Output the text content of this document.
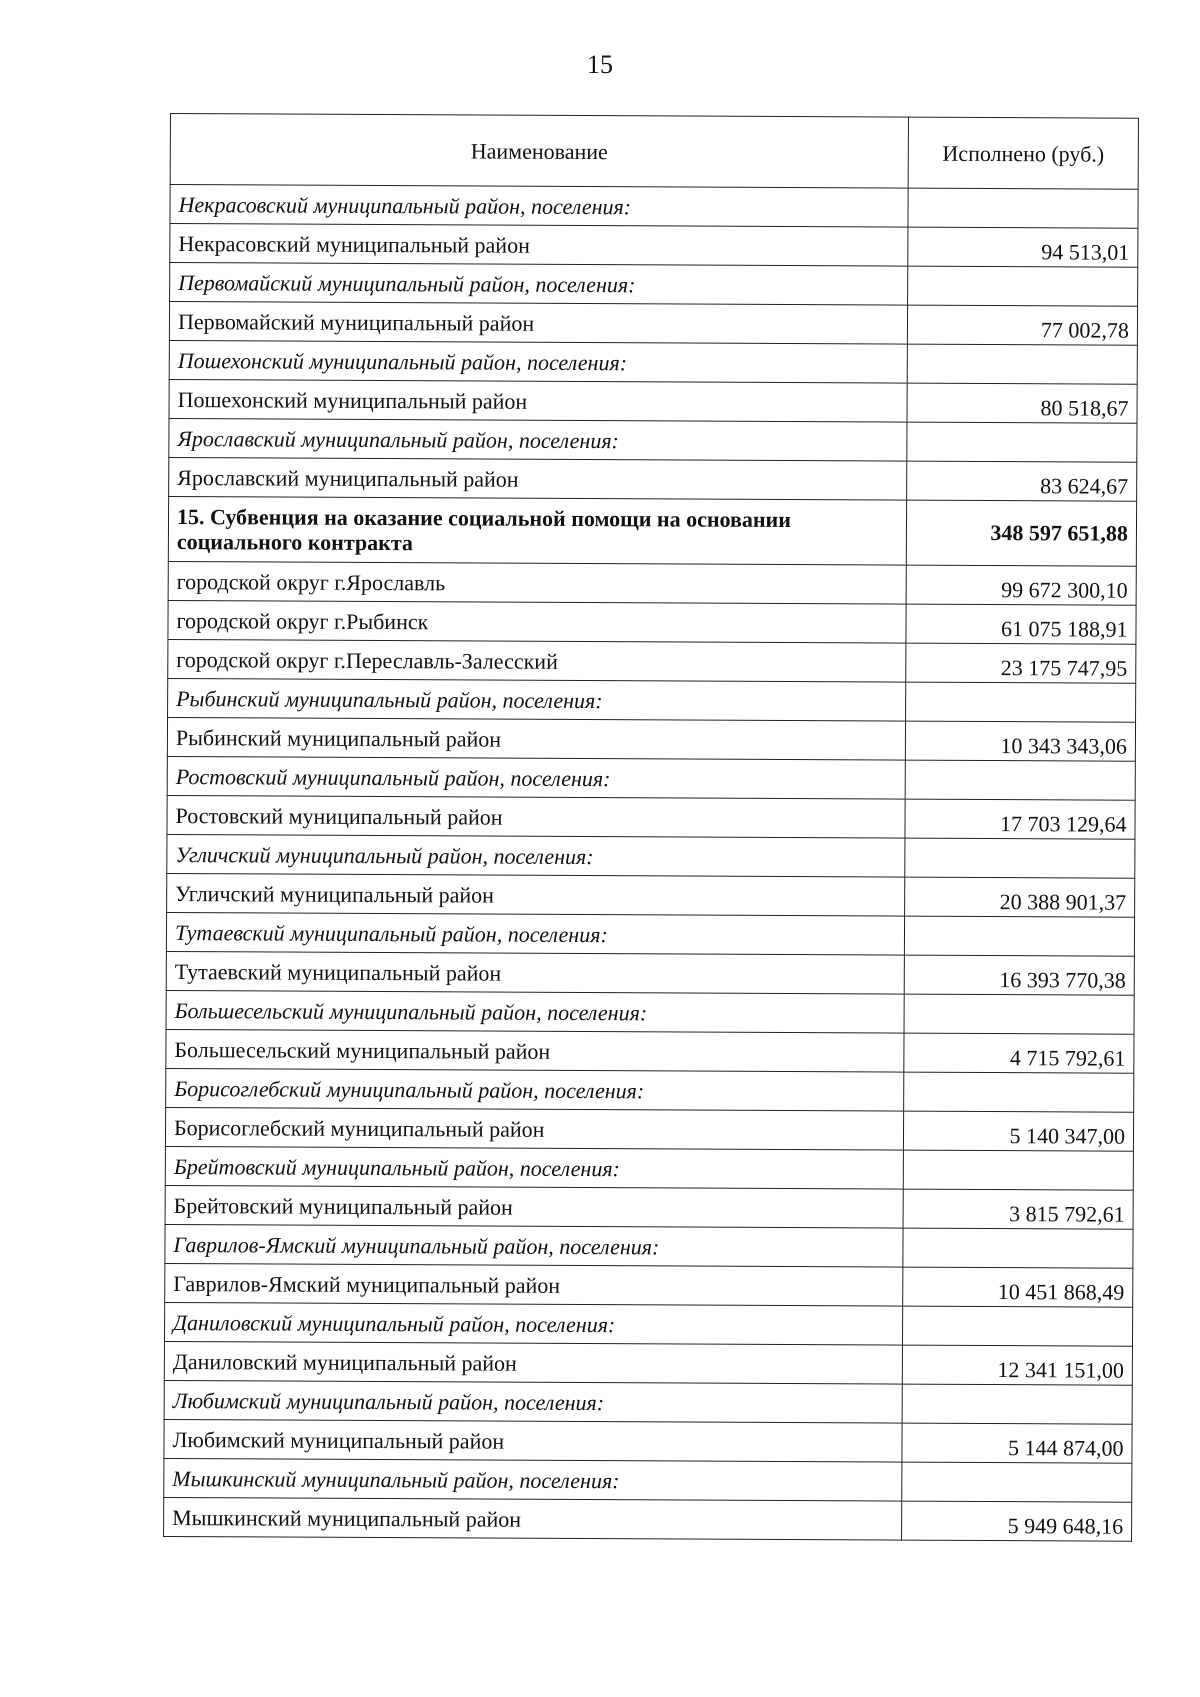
15
Наименование	Исполнено (руб.)
Некрасовский муниципальный район, поселения:	
Некрасовский муниципальный район	94 513,01
Первомайский муниципальный район, поселения:	
Первомайский муниципальный район	77 002,78
Пошехонский муниципальный район, поселения:	
Пошехонский муниципальный район	80 518,67
Ярославский муниципальный район, поселения:	
Ярославский муниципальный район	83 624,67
15. Субвенция на оказание социальной помощи на основании социального контракта	348 597 651,88
городской округ г.Ярославль	99 672 300,10
городской округ г.Рыбинск	61 075 188,91
городской округ г.Переславль-Залесский	23 175 747,95
Рыбинский муниципальный район, поселения:	
Рыбинский муниципальный район	10 343 343,06
Ростовский муниципальный район, поселения:	
Ростовский муниципальный район	17 703 129,64
Угличский муниципальный район, поселения:	
Угличский муниципальный район	20 388 901,37
Тутаевский муниципальный район, поселения:	
Тутаевский муниципальный район	16 393 770,38
Большесельский муниципальный район, поселения:	
Большесельский муниципальный район	4 715 792,61
Борисоглебский муниципальный район, поселения:	
Борисоглебский муниципальный район	5 140 347,00
Брейтовский муниципальный район, поселения:	
Брейтовский муниципальный район	3 815 792,61
Гаврилов-Ямский муниципальный район, поселения:	
Гаврилов-Ямский муниципальный район	10 451 868,49
Даниловский муниципальный район, поселения:	
Даниловский муниципальный район	12 341 151,00
Любимский муниципальный район, поселения:	
Любимский муниципальный район	5 144 874,00
Мышкинский муниципальный район, поселения:	
Мышкинский муниципальный район	5 949 648,16
